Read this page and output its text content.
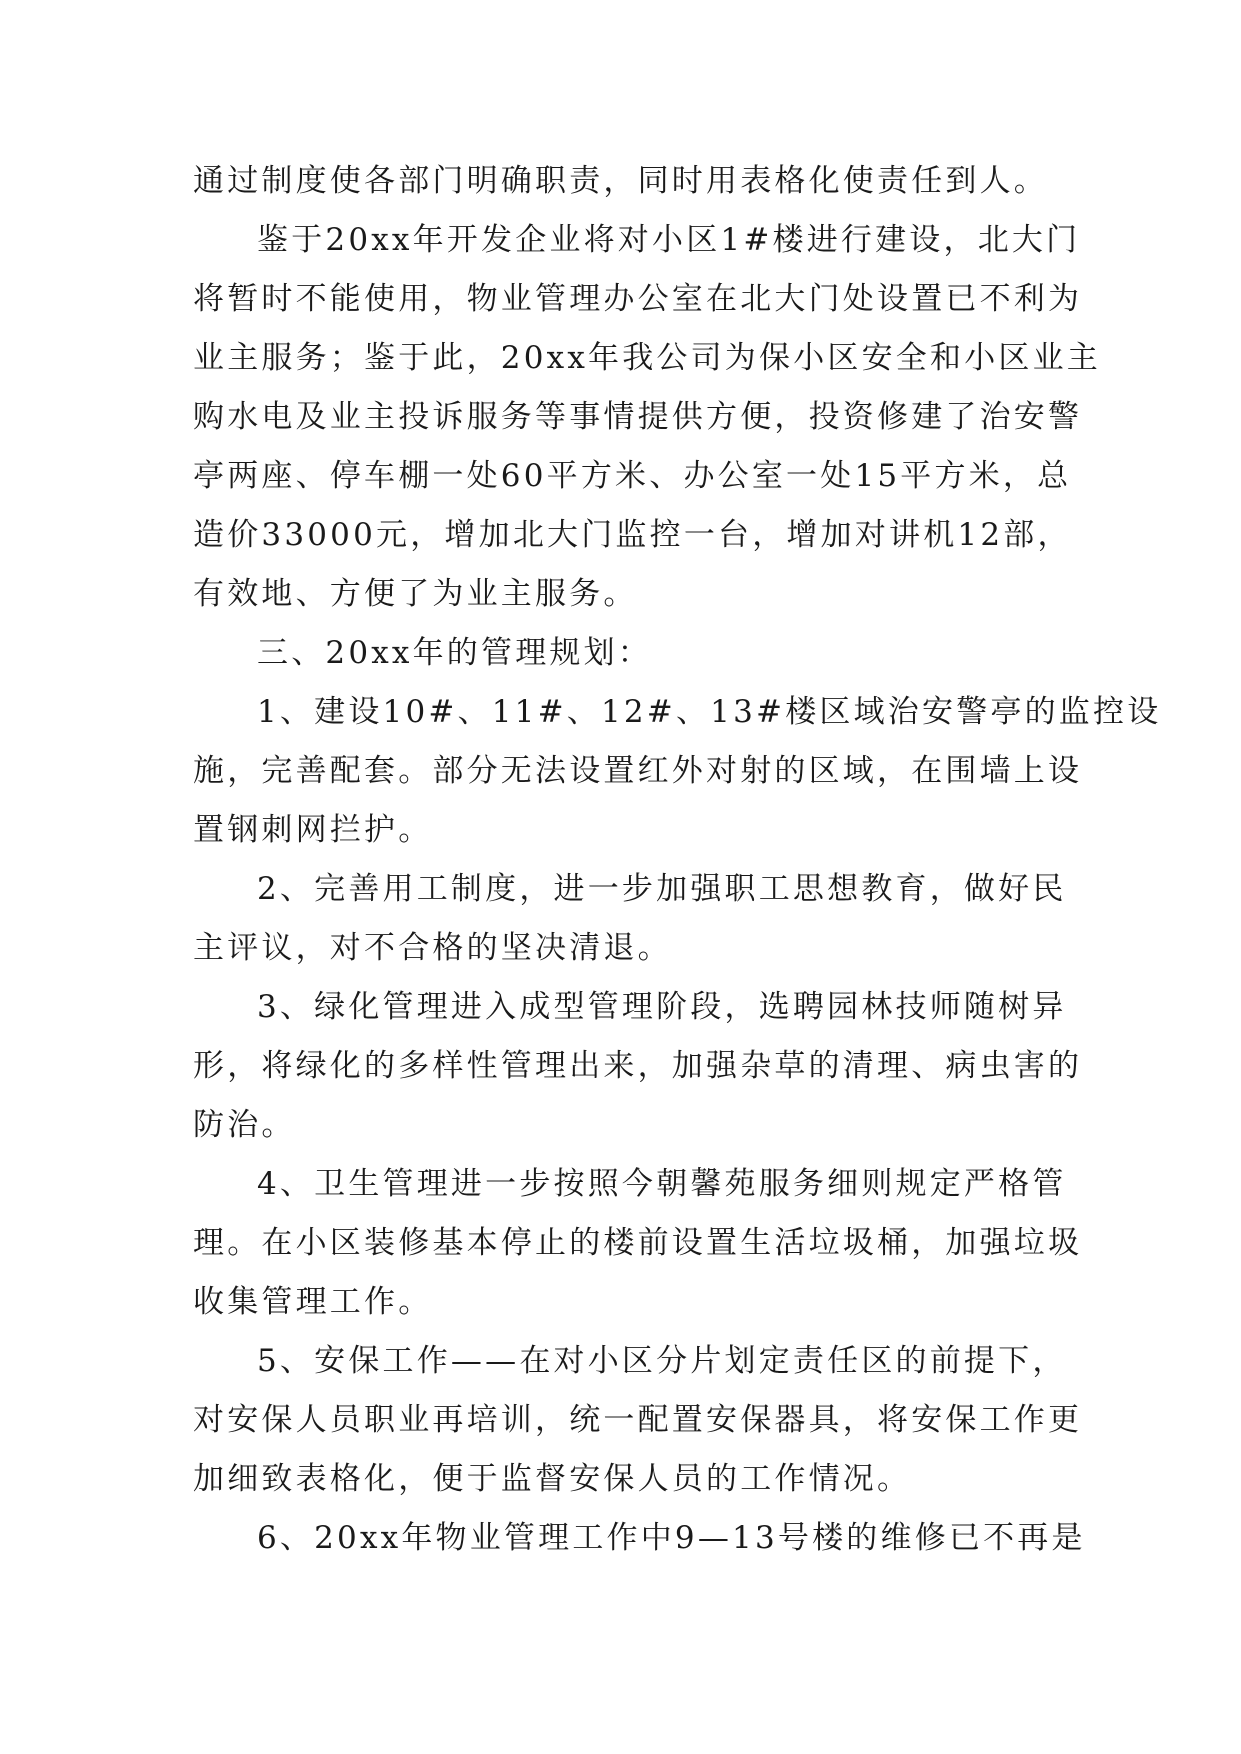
通过制度使各部门明确职责，同时用表格化使责任到人。
鉴于20xx年开发企业将对小区1#楼进行建设，北大门
将暂时不能使用，物业管理办公室在北大门处设置已不利为
业主服务；鉴于此，20xx年我公司为保小区安全和小区业主
购水电及业主投诉服务等事情提供方便，投资修建了治安警
亭两座、停车棚一处60平方米、办公室一处15平方米，总
造价33000元，增加北大门监控一台，增加对讲机12部，
有效地、方便了为业主服务。
三、20xx年的管理规划：
1、建设10#、11#、12#、13#楼区域治安警亭的监控设
施，完善配套。部分无法设置红外对射的区域，在围墙上设
置钢刺网拦护。
2、完善用工制度，进一步加强职工思想教育，做好民
主评议，对不合格的坚决清退。
3、绿化管理进入成型管理阶段，选聘园林技师随树异
形，将绿化的多样性管理出来，加强杂草的清理、病虫害的
防治。
4、卫生管理进一步按照今朝馨苑服务细则规定严格管
理。在小区装修基本停止的楼前设置生活垃圾桶，加强垃圾
收集管理工作。
5、安保工作——在对小区分片划定责任区的前提下，
对安保人员职业再培训，统一配置安保器具，将安保工作更
加细致表格化，便于监督安保人员的工作情况。
6、20xx年物业管理工作中9—13号楼的维修已不再是
